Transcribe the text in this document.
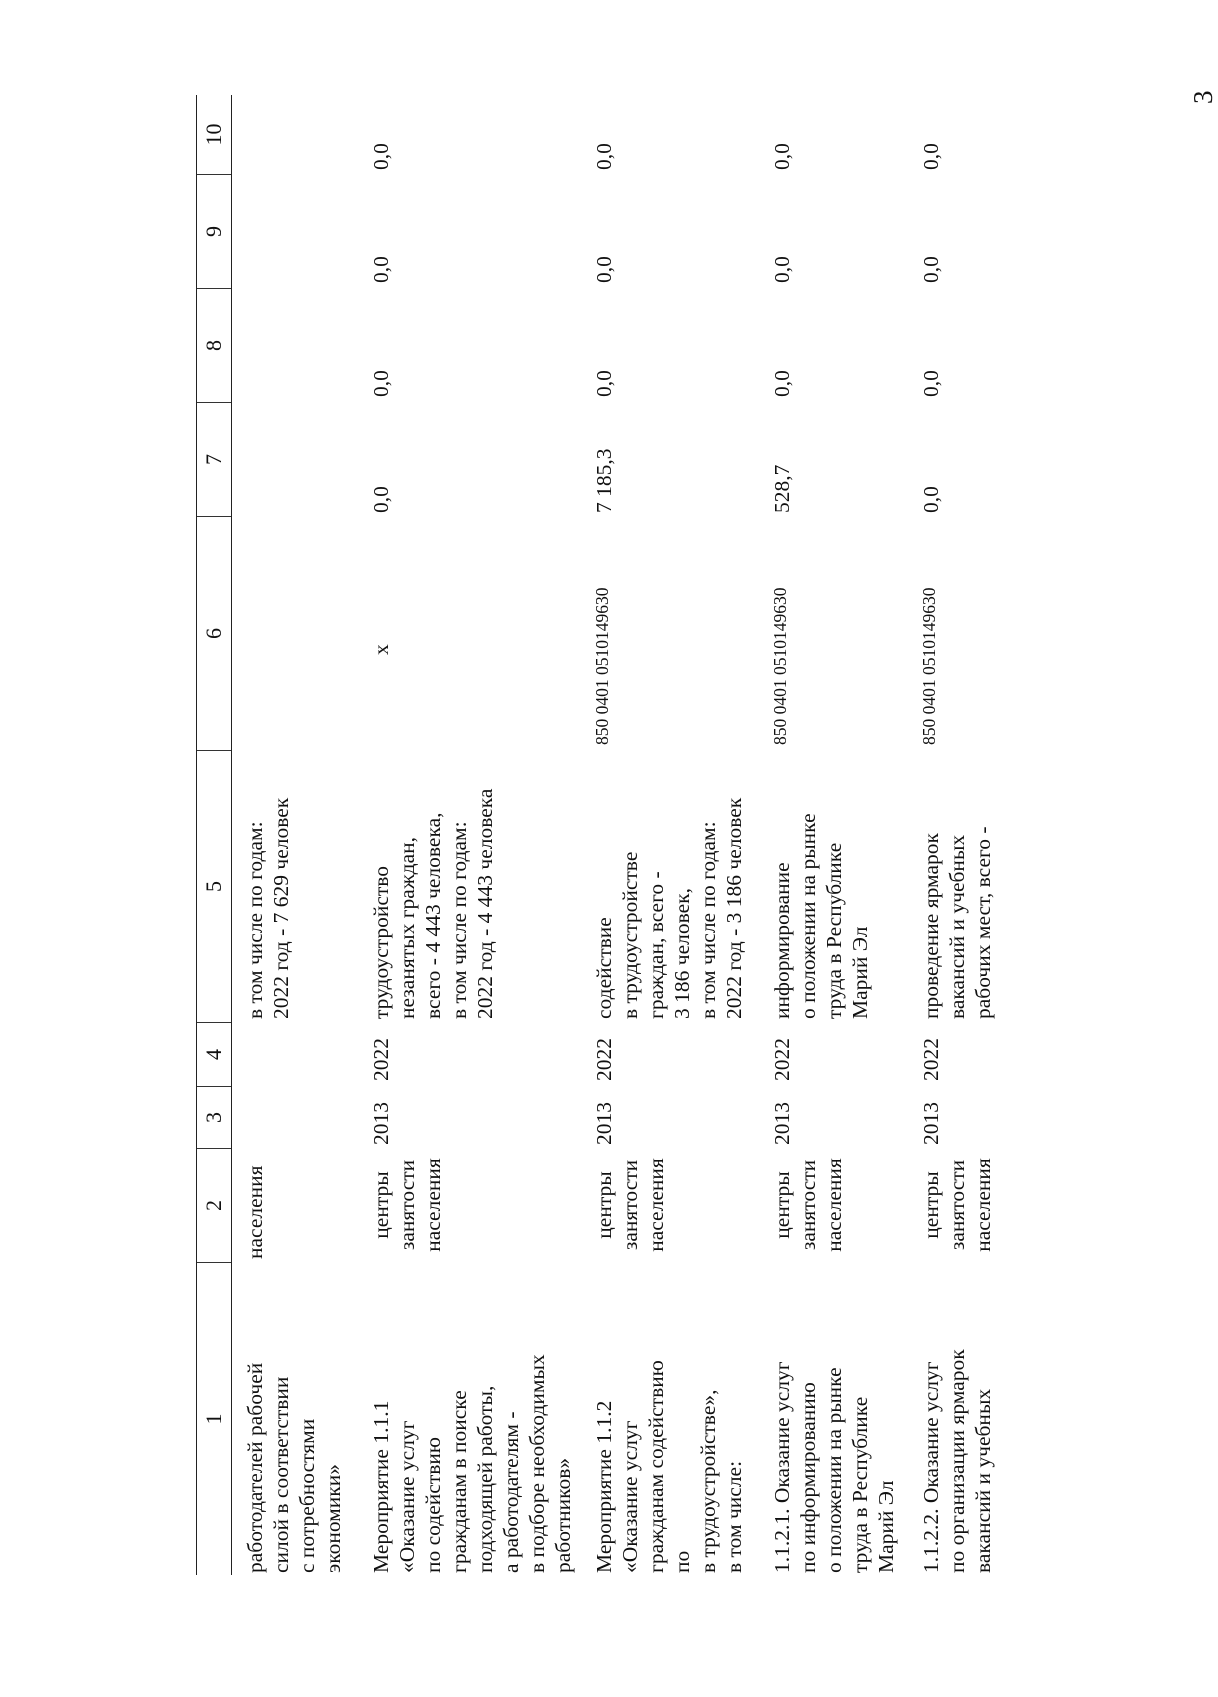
3
1
2
3
4
5
6
7
8
9
10
работодателей рабочей силой в соответствии с потребностями экономики»
населения
в том числе по годам: 2022 год - 7 629 человек
Мероприятие 1.1.1 «Оказание услуг по содействию гражданам в поиске подходящей работы, а работодателям - в подборе необходимых работников»
центры занятости населения
2013
2022
трудоустройство незанятых граждан, всего - 4 443 человека, в том числе по годам: 2022 год - 4 443 человека
x
0,0
0,0
0,0
0,0
Мероприятие 1.1.2 «Оказание услуг гражданам содействию по в трудоустройстве», в том числе:
центры занятости населения
2013
2022
содействие в трудоустройстве граждан, всего - 3 186 человек, в том числе по годам: 2022 год - 3 186 человек
850 0401 0510149630
7 185,3
0,0
0,0
0,0
1.1.2.1. Оказание услуг по информированию о положении на рынке труда в Республике Марий Эл
центры занятости населения
2013
2022
информирование о положении на рынке труда в Республике Марий Эл
850 0401 0510149630
528,7
0,0
0,0
0,0
1.1.2.2. Оказание услуг по организации ярмарок вакансий и учебных
центры занятости населения
2013
2022
проведение ярмарок вакансий и учебных рабочих мест, всего -
850 0401 0510149630
0,0
0,0
0,0
0,0
